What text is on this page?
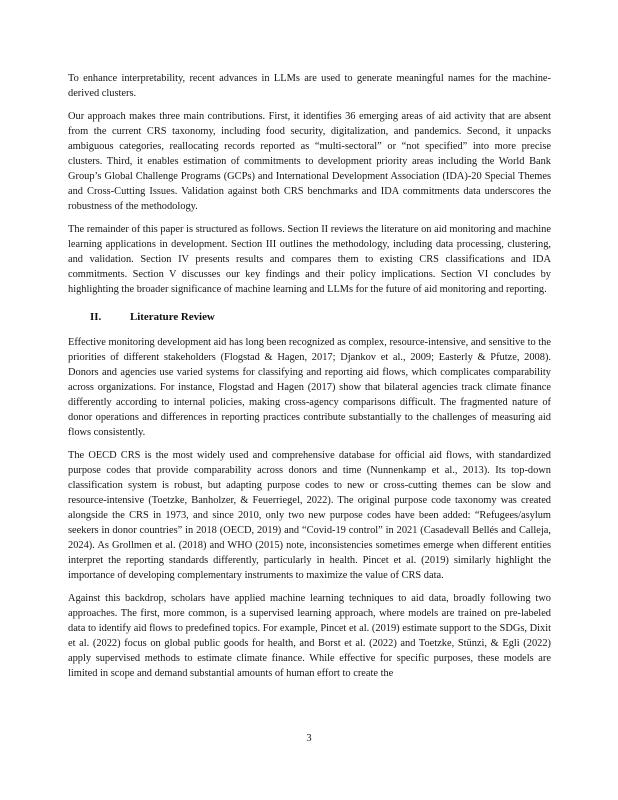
To enhance interpretability, recent advances in LLMs are used to generate meaningful names for the machine-derived clusters.

Our approach makes three main contributions. First, it identifies 36 emerging areas of aid activity that are absent from the current CRS taxonomy, including food security, digitalization, and pandemics. Second, it unpacks ambiguous categories, reallocating records reported as “multi-sectoral” or “not specified” into more precise clusters. Third, it enables estimation of commitments to development priority areas including the World Bank Group’s Global Challenge Programs (GCPs) and International Development Association (IDA)-20 Special Themes and Cross-Cutting Issues. Validation against both CRS benchmarks and IDA commitments data underscores the robustness of the methodology.

The remainder of this paper is structured as follows. Section II reviews the literature on aid monitoring and machine learning applications in development. Section III outlines the methodology, including data processing, clustering, and validation. Section IV presents results and compares them to existing CRS classifications and IDA commitments. Section V discusses our key findings and their policy implications. Section VI concludes by highlighting the broader significance of machine learning and LLMs for the future of aid monitoring and reporting.

II.	Literature Review

Effective monitoring development aid has long been recognized as complex, resource-intensive, and sensitive to the priorities of different stakeholders (Flogstad & Hagen, 2017; Djankov et al., 2009; Easterly & Pfutze, 2008). Donors and agencies use varied systems for classifying and reporting aid flows, which complicates comparability across organizations. For instance, Flogstad and Hagen (2017) show that bilateral agencies track climate finance differently according to internal policies, making cross-agency comparisons difficult. The fragmented nature of donor operations and differences in reporting practices contribute substantially to the challenges of measuring aid flows consistently.

The OECD CRS is the most widely used and comprehensive database for official aid flows, with standardized purpose codes that provide comparability across donors and time (Nunnenkamp et al., 2013). Its top-down classification system is robust, but adapting purpose codes to new or cross-cutting themes can be slow and resource-intensive (Toetzke, Banholzer, & Feuerriegel, 2022). The original purpose code taxonomy was created alongside the CRS in 1973, and since 2010, only two new purpose codes have been added: “Refugees/asylum seekers in donor countries” in 2018 (OECD, 2019) and “Covid-19 control” in 2021 (Casadevall Bellés and Calleja, 2024). As Grollmen et al. (2018) and WHO (2015) note, inconsistencies sometimes emerge when different entities interpret the reporting standards differently, particularly in health. Pincet et al. (2019) similarly highlight the importance of developing complementary instruments to maximize the value of CRS data.

Against this backdrop, scholars have applied machine learning techniques to aid data, broadly following two approaches. The first, more common, is a supervised learning approach, where models are trained on pre-labeled data to identify aid flows to predefined topics. For example, Pincet et al. (2019) estimate support to the SDGs, Dixit et al. (2022) focus on global public goods for health, and Borst et al. (2022) and Toetzke, Stünzi, & Egli (2022) apply supervised methods to estimate climate finance. While effective for specific purposes, these models are limited in scope and demand substantial amounts of human effort to create the

3
